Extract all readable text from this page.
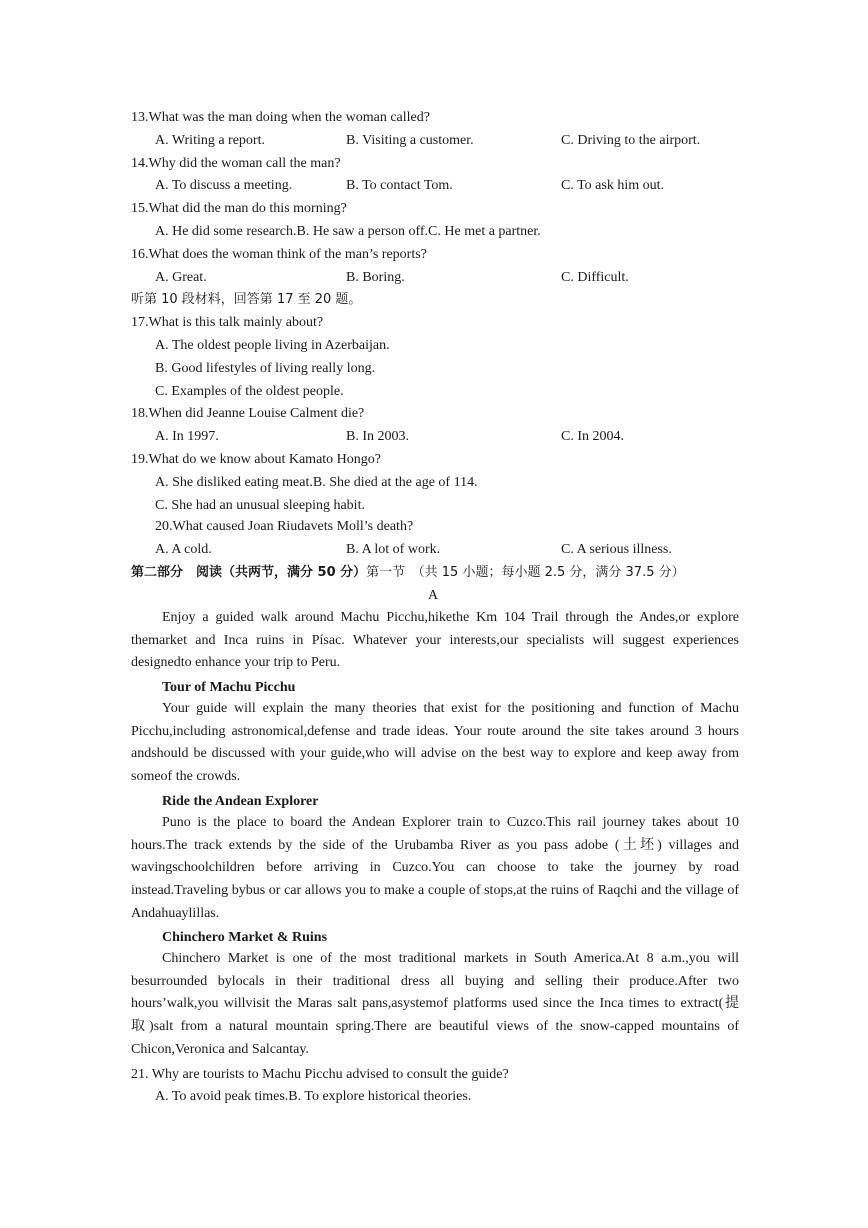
13.What was the man doing when the woman called?
A. Writing a report.	B. Visiting a customer.	C. Driving to the airport.
14.Why did the woman call the man?
A. To discuss a meeting.	B. To contact Tom.	C. To ask him out.
15.What did the man do this morning?
A. He did some research.B. He saw a person off.C. He met a partner.
16.What does the woman think of the man’s reports?
A. Great.	B. Boring.	C. Difficult.
听第 10 段材料，回答第 17 至 20 题。
17.What is this talk mainly about?
A. The oldest people living in Azerbaijan.
B. Good lifestyles of living really long.
C. Examples of the oldest people.
18.When did Jeanne Louise Calment die?
A. In 1997.	B. In 2003.	C. In 2004.
19.What do we know about Kamato Hongo?
A. She disliked eating meat.B. She died at the age of 114.
C. She had an unusual sleeping habit.
20.What caused Joan Riudavets Moll’s death?
A. A cold.	B. A lot of work.	C. A serious illness.
第二部分　阅读（共两节，满分 50 分）第一节　（共 15 小题；每小题 2.5 分，满分 37.5 分）
A

Enjoy a guided walk around Machu Picchu,hikethe Km 104 Trail through the Andes,or explore themarket and Inca ruins in Písac. Whatever your interests,our specialists will suggest experiences designedto enhance your trip to Peru.

Tour of Machu Picchu

Your guide will explain the many theories that exist for the positioning and function of Machu Picchu,including astronomical,defense and trade ideas. Your route around the site takes around 3 hours andshould be discussed with your guide,who will advise on the best way to explore and keep away from someof the crowds.

Ride the Andean Explorer

Puno is the place to board the Andean Explorer train to Cuzco.This rail journey takes about 10 hours.The track extends by the side of the Urubamba River as you pass adobe (土坯) villages and wavingschoolchildren before arriving in Cuzco.You can choose to take the journey by road instead.Traveling bybus or car allows you to make a couple of stops,at the ruins of Raqchi and the village of Andahuaylillas.

Chinchero Market & Ruins

Chinchero Market is one of the most traditional markets in South America.At 8 a.m.,you will besurrounded bylocals in their traditional dress all buying and selling their produce.After two hours’walk,you willvisit the Maras salt pans,asystemof platforms used since the Inca times to extract(提取)salt from a natural mountain spring.There are beautiful views of the snow-capped mountains of Chicon,Veronica and Salcantay.

21. Why are tourists to Machu Picchu advised to consult the guide?
A. To avoid peak times.B. To explore historical theories.
